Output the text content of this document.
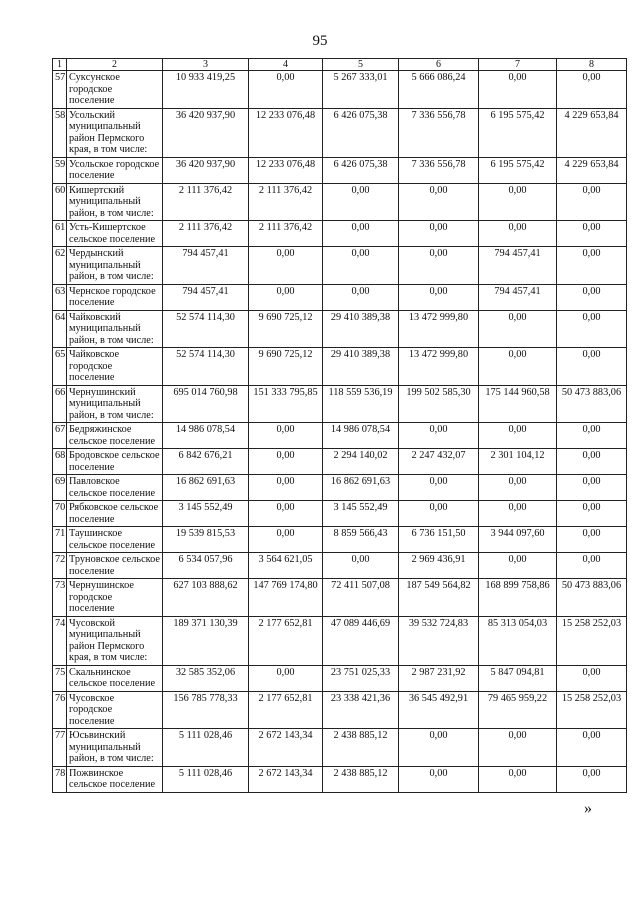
95
1	2	3	4	5	6	7	8
57	Сукcунское городское поселение	10 933 419,25	0,00	5 267 333,01	5 666 086,24	0,00	0,00
58	Усольский муниципальный район Пермского края, в том числе:	36 420 937,90	12 233 076,48	6 426 075,38	7 336 556,78	6 195 575,42	4 229 653,84
59	Усольское городское поселение	36 420 937,90	12 233 076,48	6 426 075,38	7 336 556,78	6 195 575,42	4 229 653,84
60	Кишертский муниципальный район, в том числе:	2 111 376,42	2 111 376,42	0,00	0,00	0,00	0,00
61	Усть-Кишертское сельское поселение	2 111 376,42	2 111 376,42	0,00	0,00	0,00	0,00
62	Чердынский муниципальный район, в том числе:	794 457,41	0,00	0,00	0,00	794 457,41	0,00
63	Чернское городское поселение	794 457,41	0,00	0,00	0,00	794 457,41	0,00
64	Чайковский муниципальный район, в том числе:	52 574 114,30	9 690 725,12	29 410 389,38	13 472 999,80	0,00	0,00
65	Чайковское городское поселение	52 574 114,30	9 690 725,12	29 410 389,38	13 472 999,80	0,00	0,00
66	Чернушинский муниципальный район, в том числе:	695 014 760,98	151 333 795,85	118 559 536,19	199 502 585,30	175 144 960,58	50 473 883,06
67	Бедряжинское сельское поселение	14 986 078,54	0,00	14 986 078,54	0,00	0,00	0,00
68	Бродовское сельское поселение	6 842 676,21	0,00	2 294 140,02	2 247 432,07	2 301 104,12	0,00
69	Павловское сельское поселение	16 862 691,63	0,00	16 862 691,63	0,00	0,00	0,00
70	Рябковское сельское поселение	3 145 552,49	0,00	3 145 552,49	0,00	0,00	0,00
71	Таушинское сельское поселение	19 539 815,53	0,00	8 859 566,43	6 736 151,50	3 944 097,60	0,00
72	Труновское сельское поселение	6 534 057,96	3 564 621,05	0,00	2 969 436,91	0,00	0,00
73	Чернушинское городское поселение	627 103 888,62	147 769 174,80	72 411 507,08	187 549 564,82	168 899 758,86	50 473 883,06
74	Чусовской муниципальный район Пермского края, в том числе:	189 371 130,39	2 177 652,81	47 089 446,69	39 532 724,83	85 313 054,03	15 258 252,03
75	Скальнинское сельское поселение	32 585 352,06	0,00	23 751 025,33	2 987 231,92	5 847 094,81	0,00
76	Чусовское городское поселение	156 785 778,33	2 177 652,81	23 338 421,36	36 545 492,91	79 465 959,22	15 258 252,03
77	Юсьвинский муниципальный район, в том числе:	5 111 028,46	2 672 143,34	2 438 885,12	0,00	0,00	0,00
78	Пожвинское сельское поселение	5 111 028,46	2 672 143,34	2 438 885,12	0,00	0,00	0,00
»
